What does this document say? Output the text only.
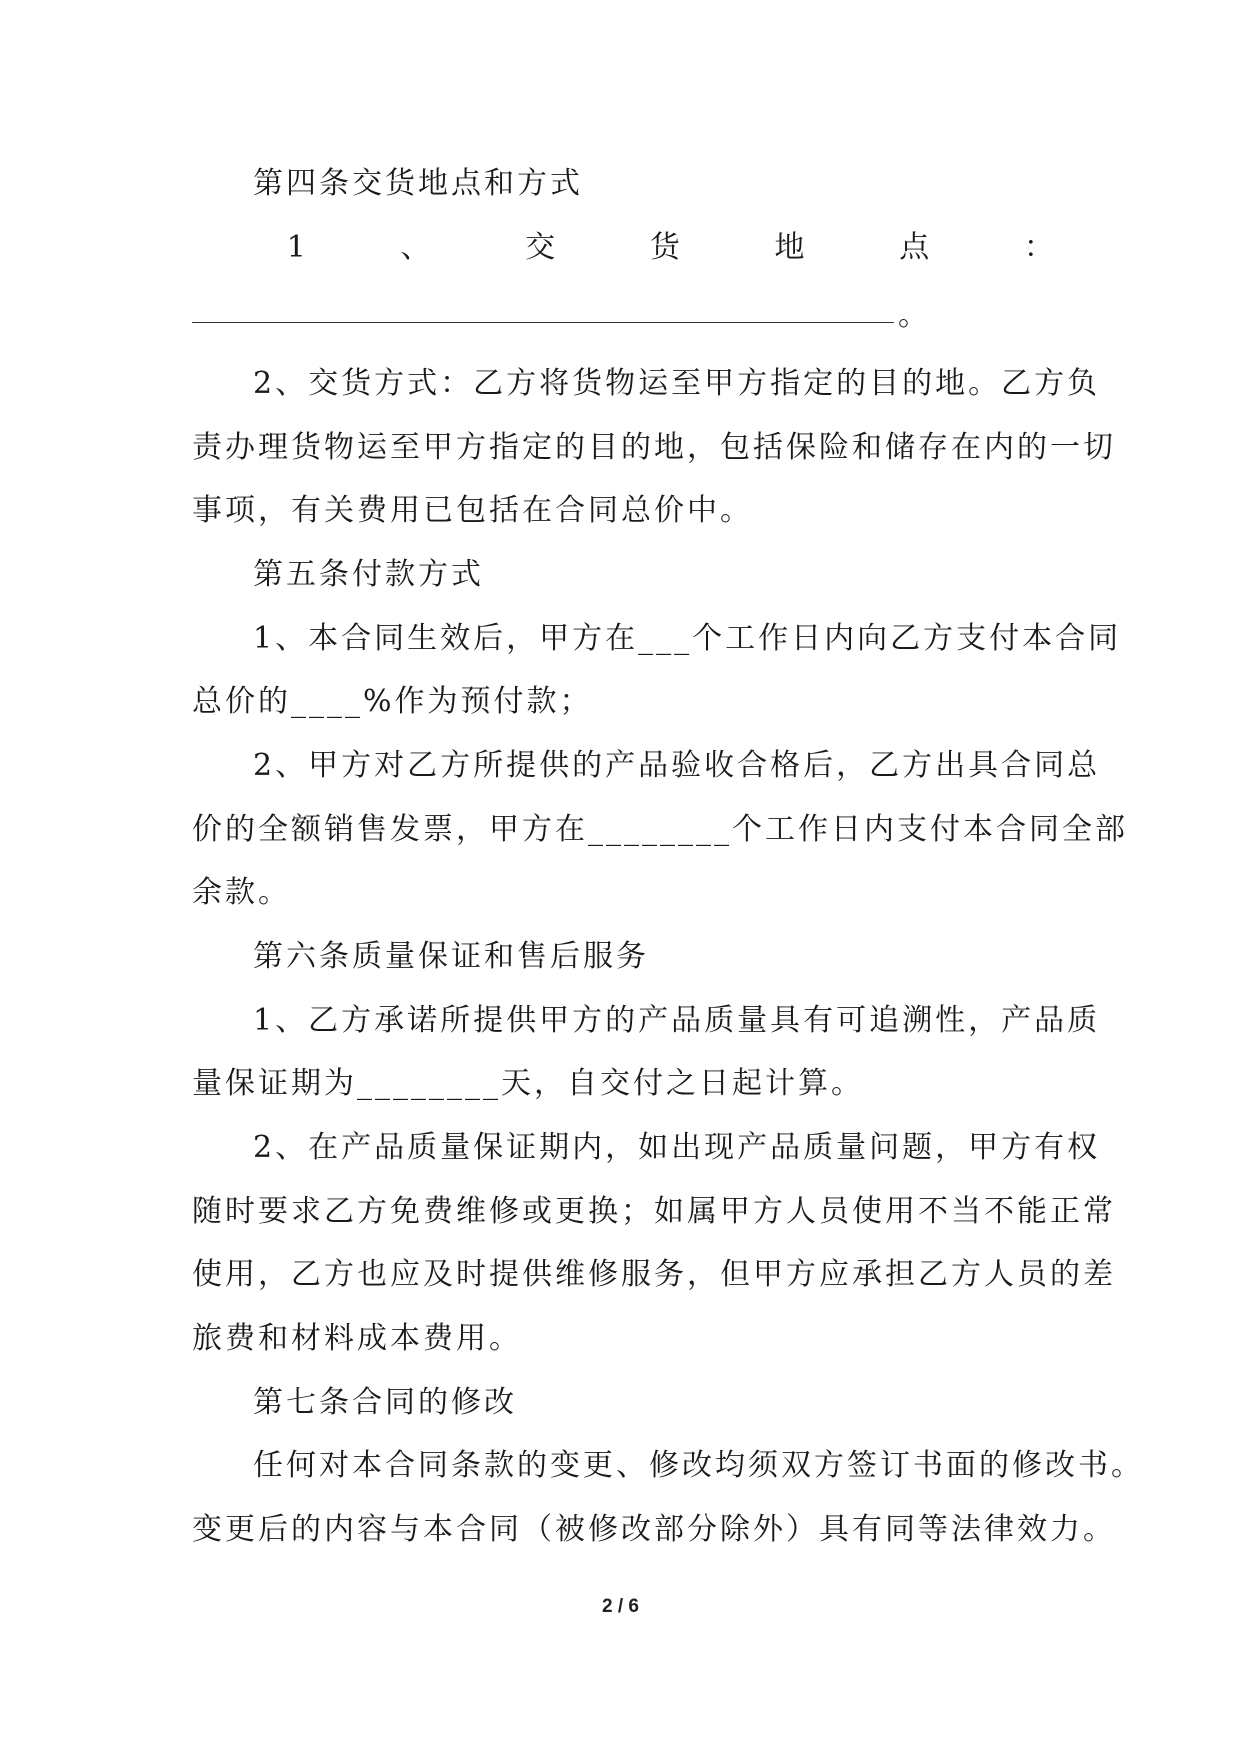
第四条交货地点和方式
1	、	交	货	地	点	：
。
2、交货方式：乙方将货物运至甲方指定的目的地。乙方负
责办理货物运至甲方指定的目的地，包括保险和储存在内的一切
事项，有关费用已包括在合同总价中。
第五条付款方式
1、本合同生效后，甲方在___个工作日内向乙方支付本合同
总价的____%作为预付款；
2、甲方对乙方所提供的产品验收合格后，乙方出具合同总
价的全额销售发票，甲方在________个工作日内支付本合同全部
余款。
第六条质量保证和售后服务
1、乙方承诺所提供甲方的产品质量具有可追溯性，产品质
量保证期为________天，自交付之日起计算。
2、在产品质量保证期内，如出现产品质量问题，甲方有权
随时要求乙方免费维修或更换；如属甲方人员使用不当不能正常
使用，乙方也应及时提供维修服务，但甲方应承担乙方人员的差
旅费和材料成本费用。
第七条合同的修改
任何对本合同条款的变更、修改均须双方签订书面的修改书。
变更后的内容与本合同（被修改部分除外）具有同等法律效力。
2 / 6
